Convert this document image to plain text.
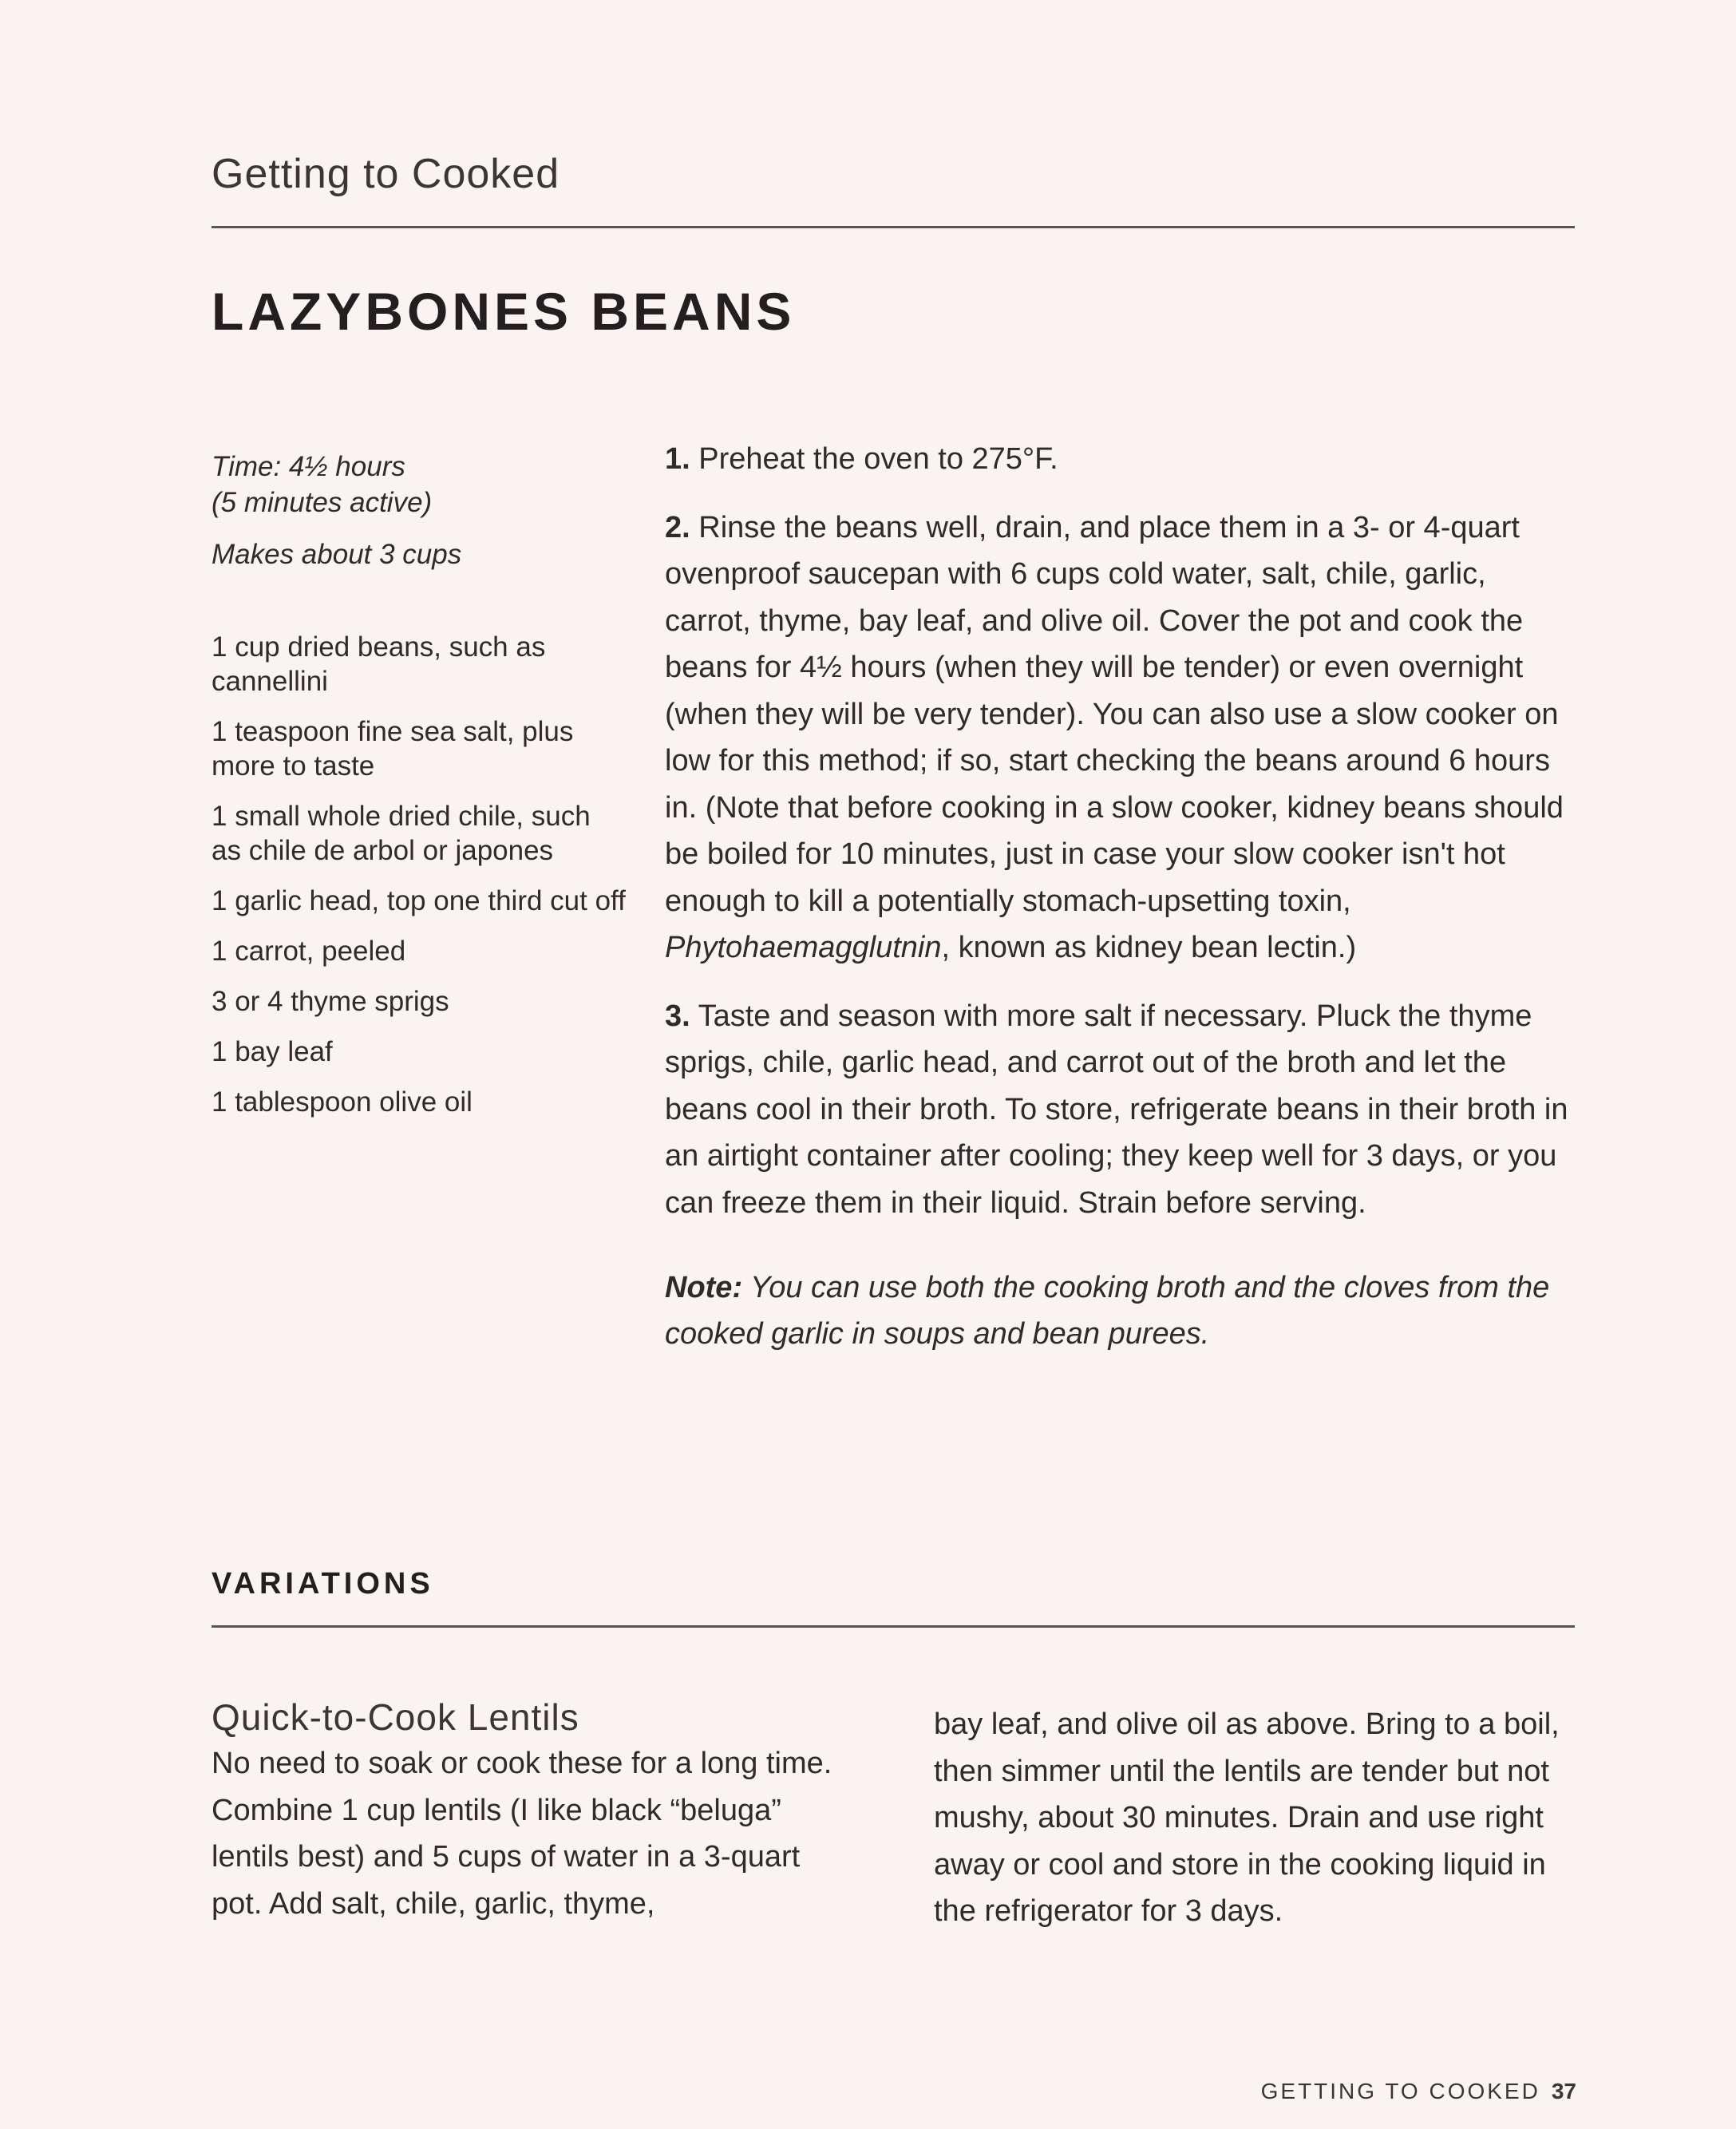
Getting to Cooked
LAZYBONES BEANS
Time: 4½ hours
(5 minutes active)
Makes about 3 cups
1 cup dried beans, such as cannellini
1 teaspoon fine sea salt, plus more to taste
1 small whole dried chile, such as chile de arbol or japones
1 garlic head, top one third cut off
1 carrot, peeled
3 or 4 thyme sprigs
1 bay leaf
1 tablespoon olive oil

1. Preheat the oven to 275°F.

2. Rinse the beans well, drain, and place them in a 3- or 4-quart ovenproof saucepan with 6 cups cold water, salt, chile, garlic, carrot, thyme, bay leaf, and olive oil. Cover the pot and cook the beans for 4½ hours (when they will be tender) or even overnight (when they will be very tender). You can also use a slow cooker on low for this method; if so, start checking the beans around 6 hours in. (Note that before cooking in a slow cooker, kidney beans should be boiled for 10 minutes, just in case your slow cooker isn't hot enough to kill a potentially stomach-upsetting toxin, Phytohaemagglutnin, known as kidney bean lectin.)

3. Taste and season with more salt if necessary. Pluck the thyme sprigs, chile, garlic head, and carrot out of the broth and let the beans cool in their broth. To store, refrigerate beans in their broth in an airtight container after cooling; they keep well for 3 days, or you can freeze them in their liquid. Strain before serving.

Note: You can use both the cooking broth and the cloves from the cooked garlic in soups and bean purees.

VARIATIONS
Quick-to-Cook Lentils
No need to soak or cook these for a long time. Combine 1 cup lentils (I like black “beluga” lentils best) and 5 cups of water in a 3-quart pot. Add salt, chile, garlic, thyme,
bay leaf, and olive oil as above. Bring to a boil, then simmer until the lentils are tender but not mushy, about 30 minutes. Drain and use right away or cool and store in the cooking liquid in the refrigerator for 3 days.
GETTING TO COOKED 37
